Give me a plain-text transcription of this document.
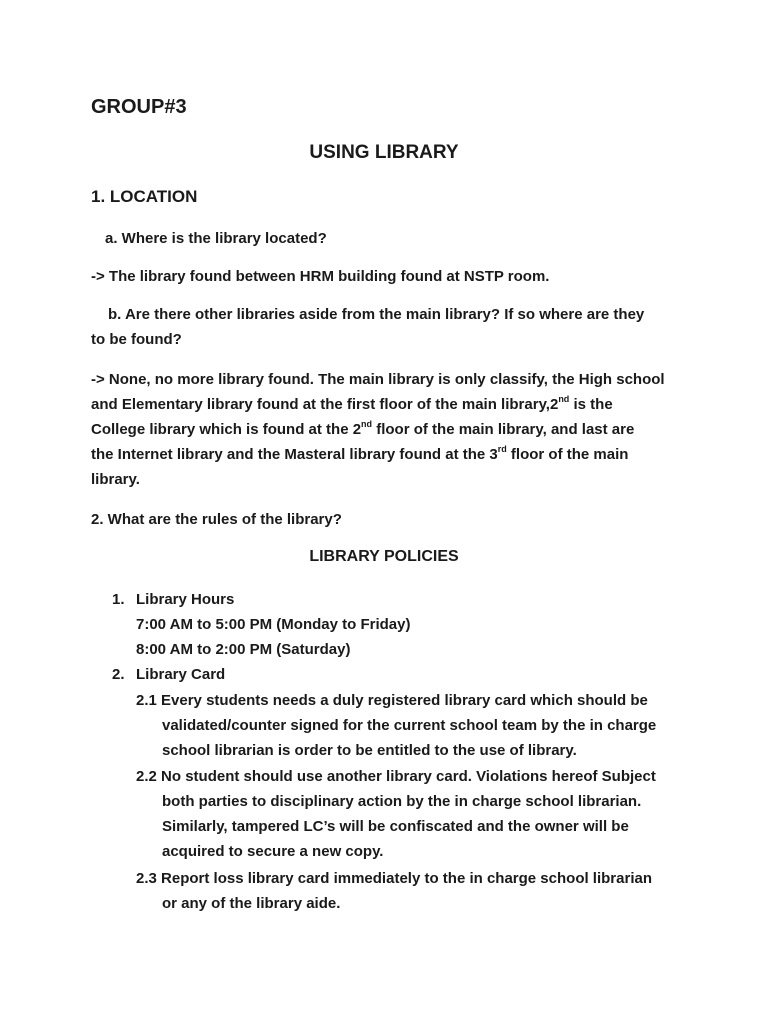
GROUP#3
USING LIBRARY
1. LOCATION
a. Where is the library located?
-> The library found between HRM building found at NSTP room.
b. Are there other libraries aside from the main library? If so where are they
to be found?
-> None, no more library found. The main library is only classify, the High school
and Elementary library found at the first floor of the main library,2nd is the
College library which is found at the 2nd floor of the main library, and last are
the Internet library and the Masteral library found at the 3rd floor of the main
library.
2. What are the rules of the library?
LIBRARY POLICIES
1. Library Hours
7:00 AM to 5:00 PM (Monday to Friday)
8:00 AM to 2:00 PM (Saturday)
2. Library Card
2.1 Every students needs a duly registered library card which should be
validated/counter signed for the current school team by the in charge
school librarian is order to be entitled to the use of library.
2.2 No student should use another library card. Violations hereof Subject
both parties to disciplinary action by the in charge school librarian.
Similarly, tampered LC’s will be confiscated and the owner will be
acquired to secure a new copy.
2.3 Report loss library card immediately to the in charge school librarian
or any of the library aide.
